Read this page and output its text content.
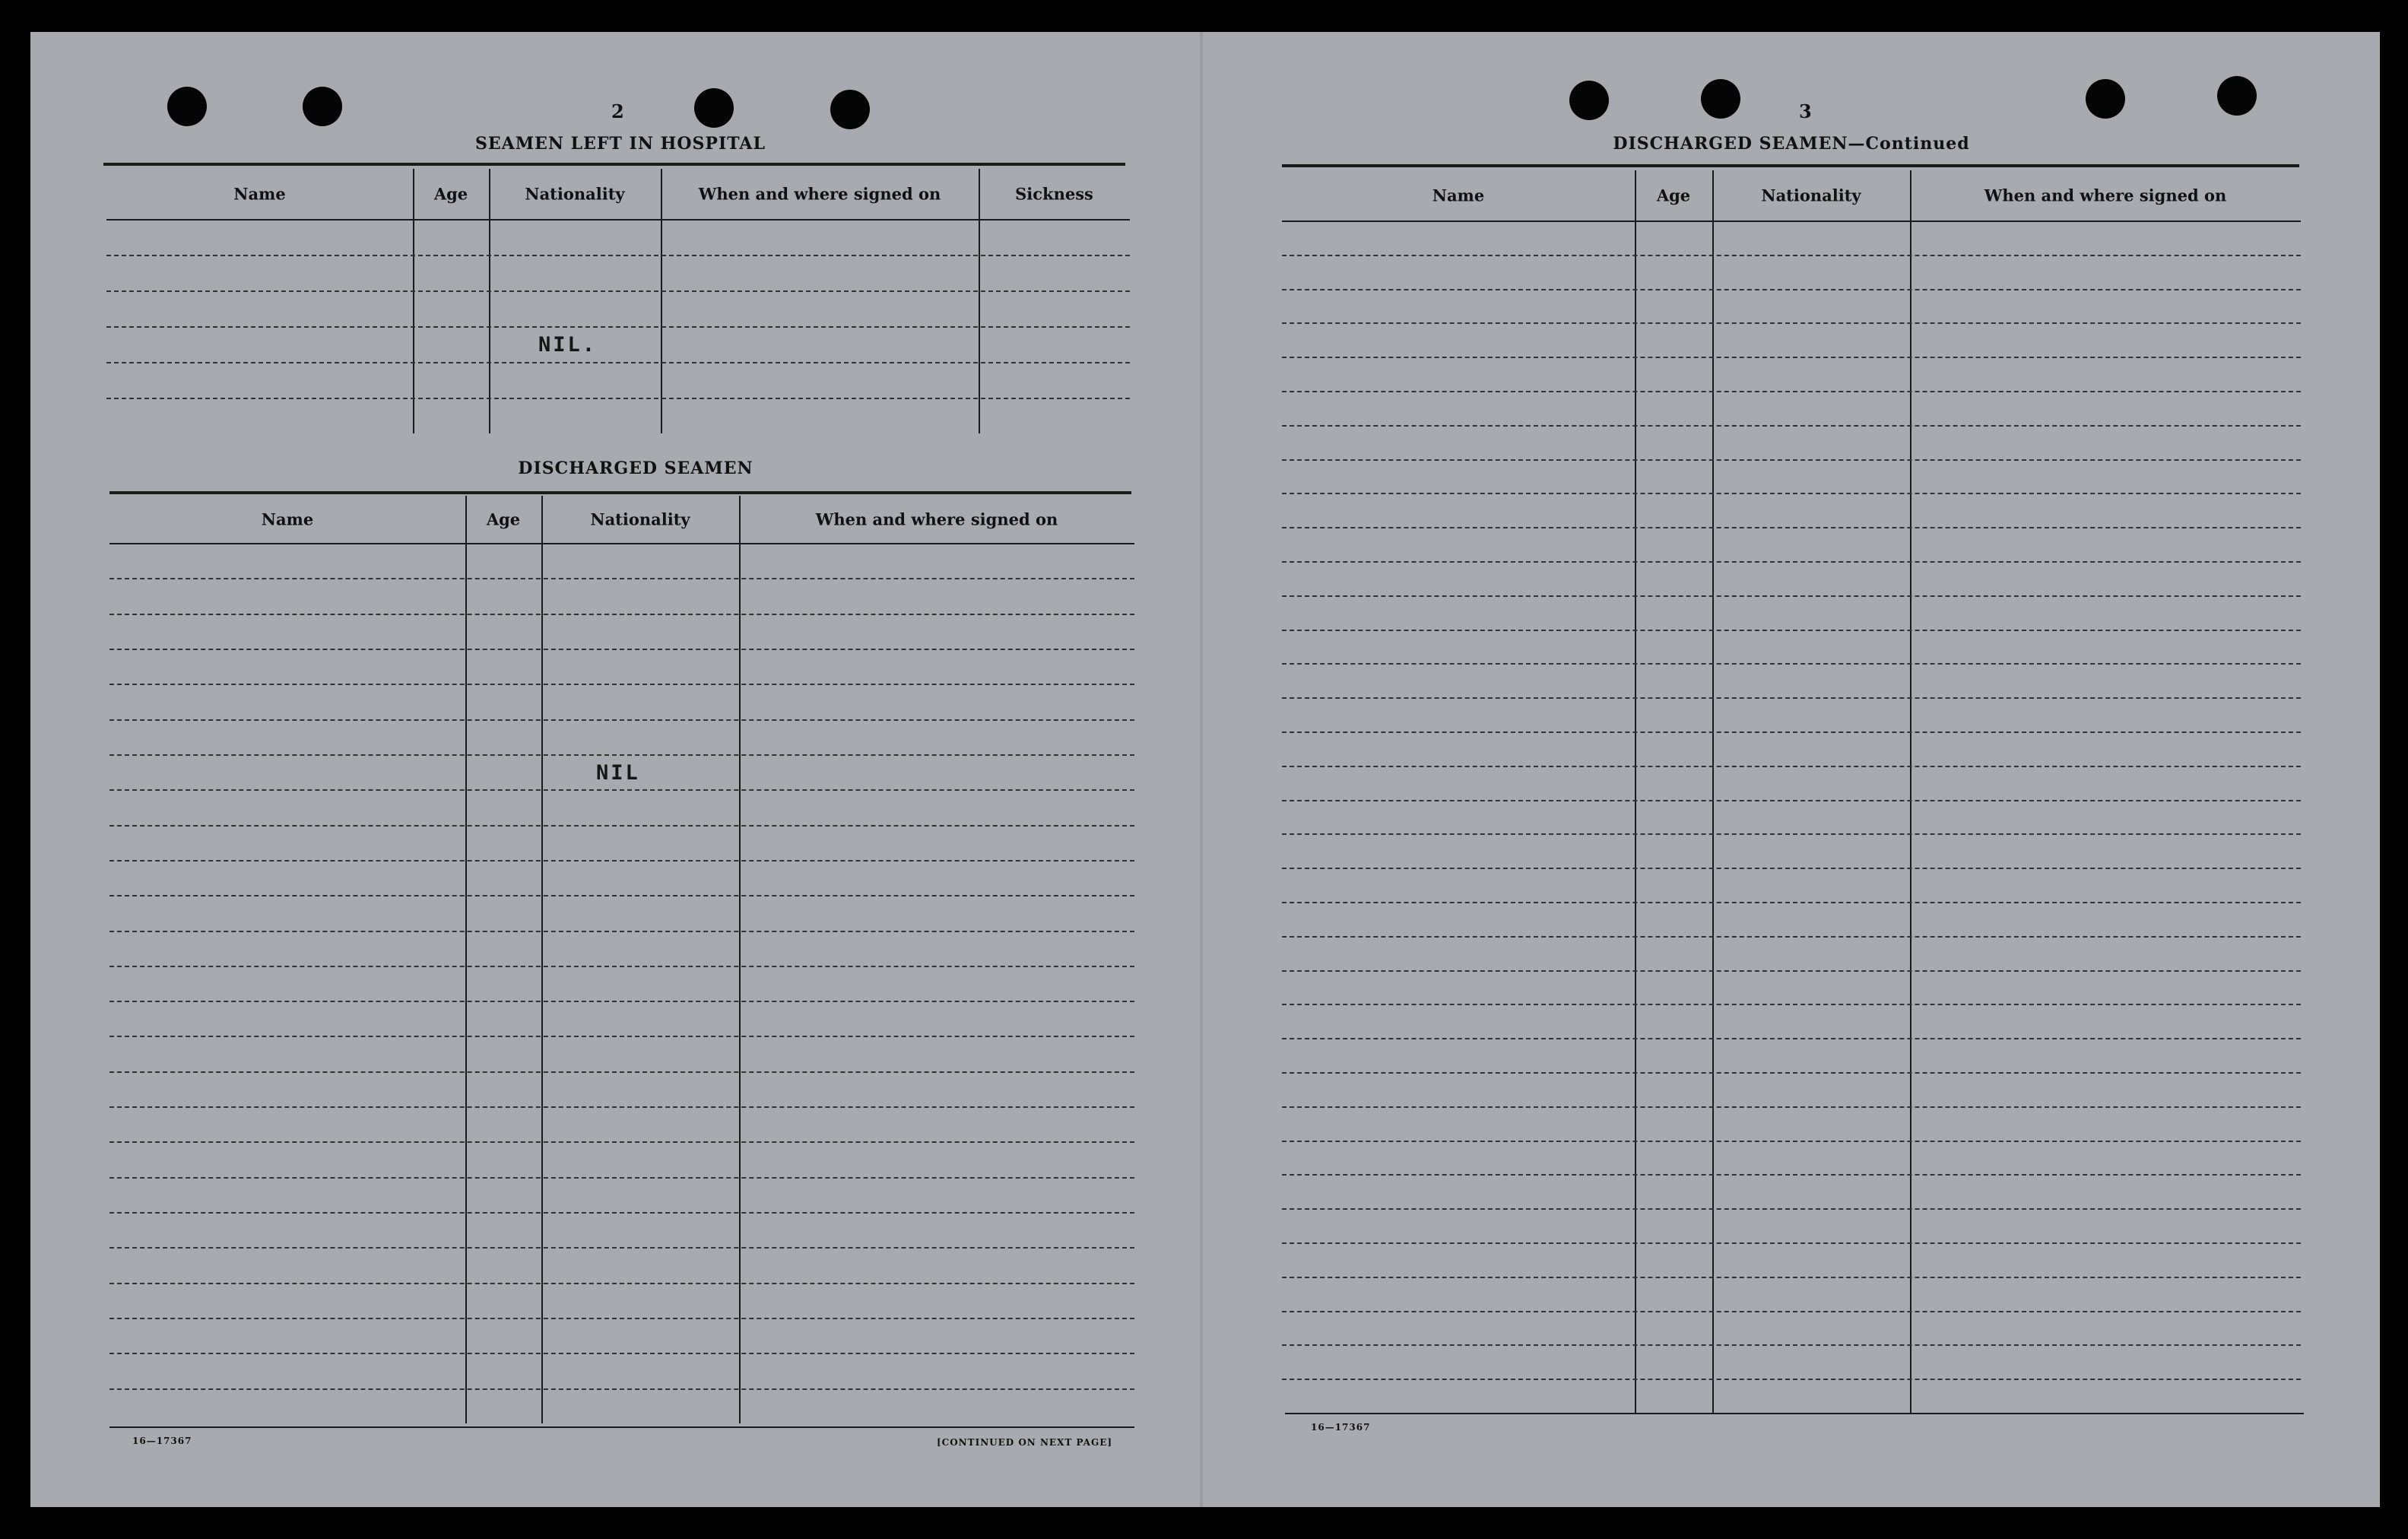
2
SEAMEN LEFT IN HOSPITAL
Name	Age	Nationality	When and where signed on	Sickness
NIL.
DISCHARGED SEAMEN
Name	Age	Nationality	When and where signed on
NIL
16—17367	[CONTINUED ON NEXT PAGE]
3
DISCHARGED SEAMEN—Continued
Name	Age	Nationality	When and where signed on
16—17367
